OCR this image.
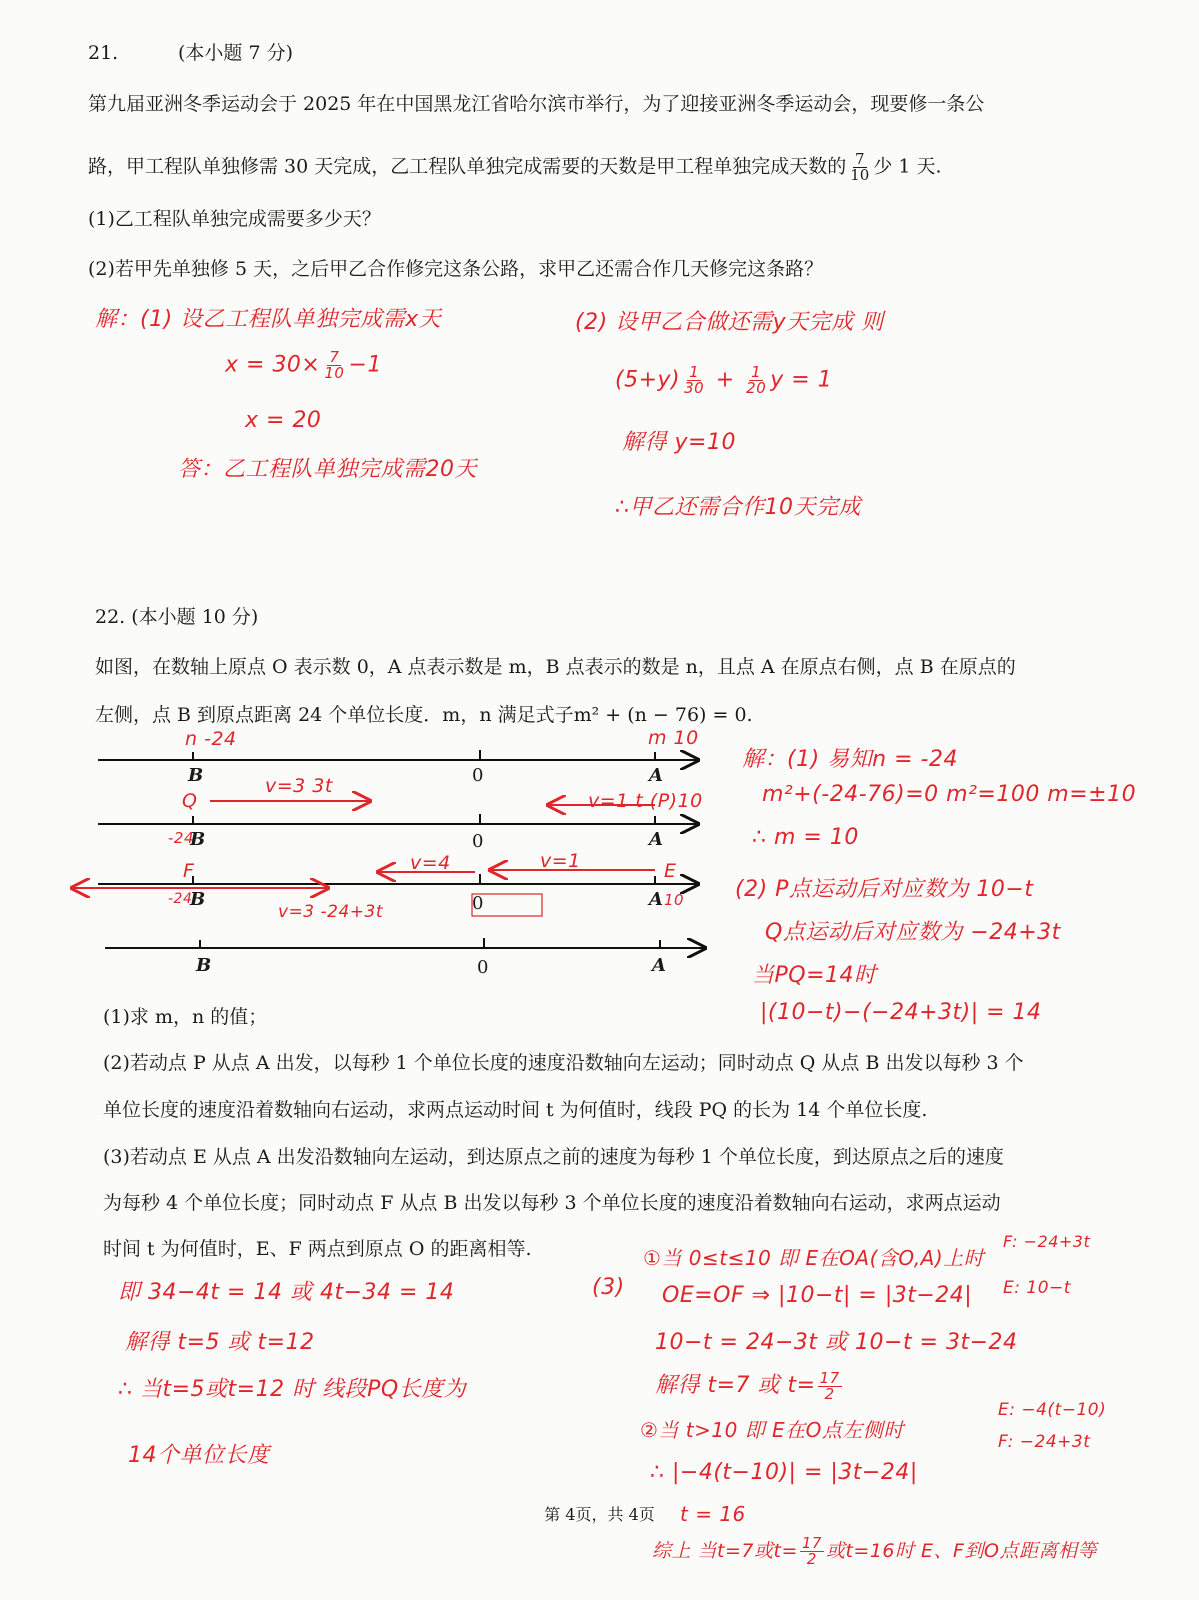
21.	(本小题 7 分)
第九届亚洲冬季运动会于 2025 年在中国黑龙江省哈尔滨市举行，为了迎接亚洲冬季运动会，现要修一条公
路，甲工程队单独修需 30 天完成，乙工程队单独完成需要的天数是甲工程单独完成天数的 $\frac{7}{10}$ 少 1 天.
(1)乙工程队单独完成需要多少天？
(2)若甲先单独修 5 天，之后甲乙合作修完这条公路，求甲乙还需合作几天修完这条路？
解：(1) 设乙工程队单独完成需x天
$x = 30\times \frac{7}{10} -1$
x = 20
答：乙工程队单独完成需20天
(2) 设甲乙合做还需y天完成 则
$(5+y) \frac{1}{30} + \frac{1}{20}$ y = 1
解得 y=10
∴甲乙还需合作10天完成
22. (本小题 10 分)
如图，在数轴上原点 O 表示数 0，A 点表示数是 m，B 点表示的数是 n，且点 A 在原点右侧，点 B 在原点的
左侧，点 B 到原点距离 24 个单位长度．m，n 满足式子m² + (n − 76) = 0.
B	0	A
B	0	A
B	0	A
B	0	A
n -24	m 10
Q
v=3 3t
v=1 t (P)10
-24
F	v=4	v=1	E
-24	10
v=3 -24+3t
解：(1) 易知n = -24
m²+(-24-76)=0 m²=100 m=±10
∴ m = 10
(2) P点运动后对应数为 10−t
Q点运动后对应数为 −24+3t
当PQ=14时
|(10−t)−(−24+3t)| = 14
(1)求 m，n 的值；
(2)若动点 P 从点 A 出发，以每秒 1 个单位长度的速度沿数轴向左运动；同时动点 Q 从点 B 出发以每秒 3 个
单位长度的速度沿着数轴向右运动，求两点运动时间 t 为何值时，线段 PQ 的长为 14 个单位长度.
(3)若动点 E 从点 A 出发沿数轴向左运动，到达原点之前的速度为每秒 1 个单位长度，到达原点之后的速度
为每秒 4 个单位长度；同时动点 F 从点 B 出发以每秒 3 个单位长度的速度沿着数轴向右运动，求两点运动
时间 t 为何值时，E、F 两点到原点 O 的距离相等.
即 34−4t = 14 或 4t−34 = 14
解得 t=5 或 t=12
∴ 当t=5或t=12 时 线段PQ长度为
14个单位长度
(3)
①当 0≤t≤10 即 E在OA(含O,A)上时
F: −24+3t
E: 10−t
OE=OF ⇒ |10−t| = |3t−24|
10−t = 24−3t 或 10−t = 3t−24
解得 t=7 或 $t= \frac{17}{2}$
②当 t>10 即 E在O点左侧时
E: −4(t−10)
F: −24+3t
∴ |−4(t−10)| = |3t−24|
t = 16
综上 当t=7或$t= \frac{17}{2}$ 或t=16时 E、F到O点距离相等
第 4页，共 4页
